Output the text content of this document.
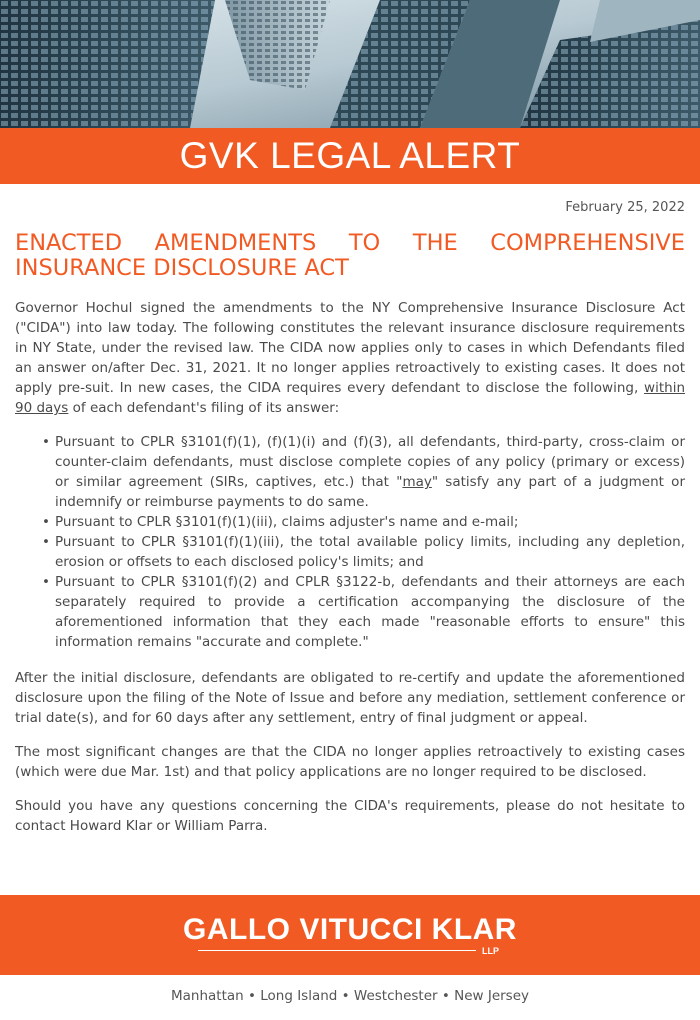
GVK LEGAL ALERT
February 25, 2022
ENACTED AMENDMENTS TO THE COMPREHENSIVE
INSURANCE DISCLOSURE ACT

Governor Hochul signed the amendments to the NY Comprehensive Insurance Disclosure Act ("CIDA") into law today. The following constitutes the relevant insurance disclosure requirements in NY State, under the revised law. The CIDA now applies only to cases in which Defendants filed an answer on/after Dec. 31, 2021. It no longer applies retroactively to existing cases. It does not apply pre-suit. In new cases, the CIDA requires every defendant to disclose the following, within 90 days of each defendant's filing of its answer:

• Pursuant to CPLR §3101(f)(1), (f)(1)(i) and (f)(3), all defendants, third-party, cross-claim or counter-claim defendants, must disclose complete copies of any policy (primary or excess) or similar agreement (SIRs, captives, etc.) that "may" satisfy any part of a judgment or indemnify or reimburse payments to do same.
• Pursuant to CPLR §3101(f)(1)(iii), claims adjuster's name and e-mail;
• Pursuant to CPLR §3101(f)(1)(iii), the total available policy limits, including any depletion, erosion or offsets to each disclosed policy's limits; and
• Pursuant to CPLR §3101(f)(2) and CPLR §3122-b, defendants and their attorneys are each separately required to provide a certification accompanying the disclosure of the aforementioned information that they each made "reasonable efforts to ensure" this information remains "accurate and complete."

After the initial disclosure, defendants are obligated to re-certify and update the aforementioned disclosure upon the filing of the Note of Issue and before any mediation, settlement conference or trial date(s), and for 60 days after any settlement, entry of final judgment or appeal.

The most significant changes are that the CIDA no longer applies retroactively to existing cases (which were due Mar. 1st) and that policy applications are no longer required to be disclosed.

Should you have any questions concerning the CIDA's requirements, please do not hesitate to contact Howard Klar or William Parra.

GALLO VITUCCI KLAR
LLP
Manhattan • Long Island • Westchester • New Jersey
